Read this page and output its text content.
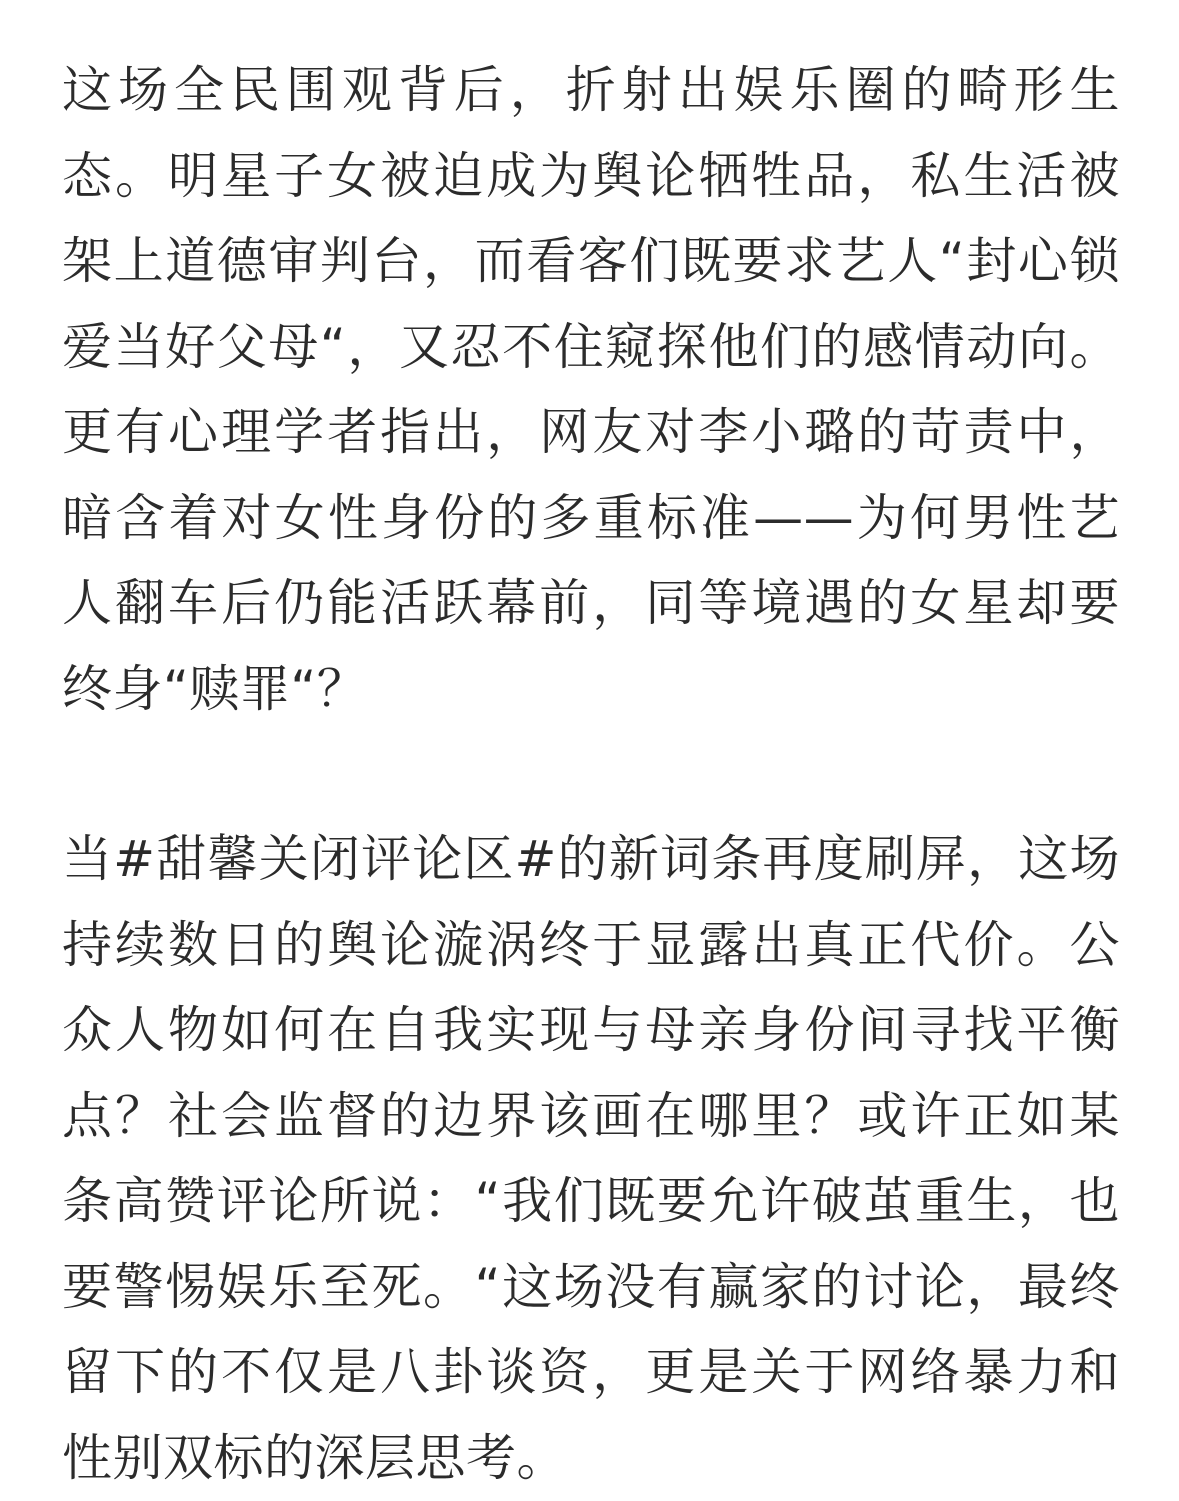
这场全民围观背后，折射出娱乐圈的畸形生态。明星子女被迫成为舆论牺牲品，私生活被架上道德审判台，而看客们既要求艺人“封心锁爱当好父母“，又忍不住窥探他们的感情动向。更有心理学者指出，网友对李小璐的苛责中，暗含着对女性身份的多重标准——为何男性艺人翻车后仍能活跃幕前，同等境遇的女星却要终身“赎罪“？

当#甜馨关闭评论区#的新词条再度刷屏，这场持续数日的舆论漩涡终于显露出真正代价。公众人物如何在自我实现与母亲身份间寻找平衡点？社会监督的边界该画在哪里？或许正如某条高赞评论所说：“我们既要允许破茧重生，也要警惕娱乐至死。“这场没有赢家的讨论，最终留下的不仅是八卦谈资，更是关于网络暴力和性别双标的深层思考。
